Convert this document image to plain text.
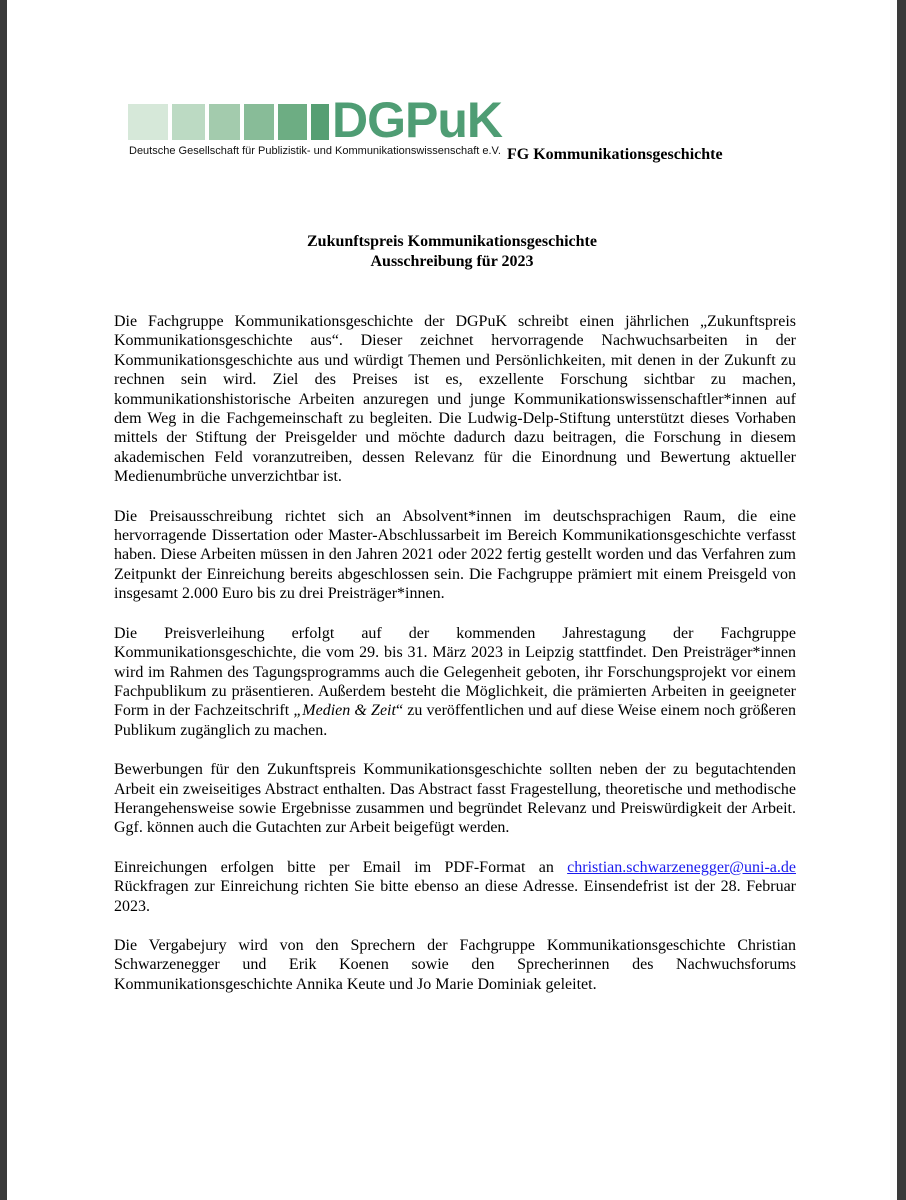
DGPuK
Deutsche Gesellschaft für Publizistik- und Kommunikationswissenschaft e.V. FG Kommunikationsgeschichte
Zukunftspreis Kommunikationsgeschichte
Ausschreibung für 2023

Die Fachgruppe Kommunikationsgeschichte der DGPuK schreibt einen jährlichen „Zukunftspreis Kommunikationsgeschichte aus“. Dieser zeichnet hervorragende Nachwuchsarbeiten in der Kommunikationsgeschichte aus und würdigt Themen und Persönlichkeiten, mit denen in der Zukunft zu rechnen sein wird. Ziel des Preises ist es, exzellente Forschung sichtbar zu machen, kommunikationshistorische Arbeiten anzuregen und junge Kommunikationswissenschaftler*innen auf dem Weg in die Fachgemeinschaft zu begleiten. Die Ludwig-Delp-Stiftung unterstützt dieses Vorhaben mittels der Stiftung der Preisgelder und möchte dadurch dazu beitragen, die Forschung in diesem akademischen Feld voranzutreiben, dessen Relevanz für die Einordnung und Bewertung aktueller Medienumbrüche unverzichtbar ist.

Die Preisausschreibung richtet sich an Absolvent*innen im deutschsprachigen Raum, die eine hervorragende Dissertation oder Master-Abschlussarbeit im Bereich Kommunikationsgeschichte verfasst haben. Diese Arbeiten müssen in den Jahren 2021 oder 2022 fertig gestellt worden und das Verfahren zum Zeitpunkt der Einreichung bereits abgeschlossen sein. Die Fachgruppe prämiert mit einem Preisgeld von insgesamt 2.000 Euro bis zu drei Preisträger*innen.

Die Preisverleihung erfolgt auf der kommenden Jahrestagung der Fachgruppe Kommunikationsgeschichte, die vom 29. bis 31. März 2023 in Leipzig stattfindet. Den Preisträger*innen wird im Rahmen des Tagungsprogramms auch die Gelegenheit geboten, ihr Forschungsprojekt vor einem Fachpublikum zu präsentieren. Außerdem besteht die Möglichkeit, die prämierten Arbeiten in geeigneter Form in der Fachzeitschrift „Medien & Zeit“ zu veröffentlichen und auf diese Weise einem noch größeren Publikum zugänglich zu machen.

Bewerbungen für den Zukunftspreis Kommunikationsgeschichte sollten neben der zu begutachtenden Arbeit ein zweiseitiges Abstract enthalten. Das Abstract fasst Fragestellung, theoretische und methodische Herangehensweise sowie Ergebnisse zusammen und begründet Relevanz und Preiswürdigkeit der Arbeit. Ggf. können auch die Gutachten zur Arbeit beigefügt werden.

Einreichungen erfolgen bitte per Email im PDF-Format an christian.schwarzenegger@uni-a.de Rückfragen zur Einreichung richten Sie bitte ebenso an diese Adresse. Einsendefrist ist der 28. Februar 2023.

Die Vergabejury wird von den Sprechern der Fachgruppe Kommunikationsgeschichte Christian Schwarzenegger und Erik Koenen sowie den Sprecherinnen des Nachwuchsforums Kommunikationsgeschichte Annika Keute und Jo Marie Dominiak geleitet.
